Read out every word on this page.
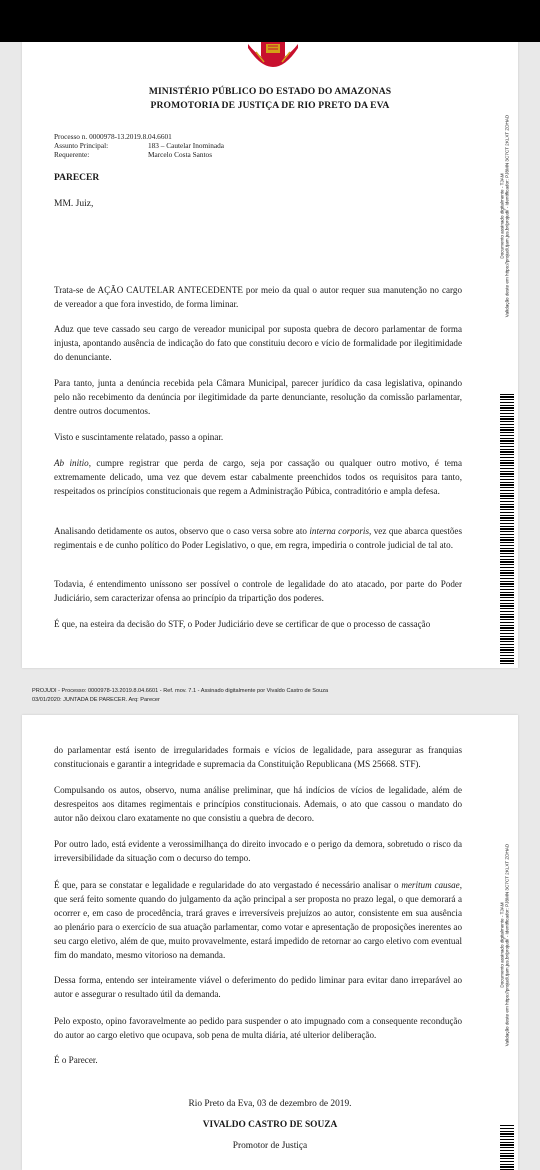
MINISTÉRIO PÚBLICO DO ESTADO DO AMAZONAS
PROMOTORIA DE JUSTIÇA DE RIO PRETO DA EVA
Processo n. 0000978-13.2019.8.04.6601
Assunto Principal:	183 – Cautelar Inominada
Requerente:	Marcelo Costa Santos
PARECER
MM. Juiz,

Trata-se de AÇÃO CAUTELAR ANTECEDENTE por meio da qual o autor requer sua manutenção no cargo de vereador a que fora investido, de forma liminar.

Aduz que teve cassado seu cargo de vereador municipal por suposta quebra de decoro parlamentar de forma injusta, apontando ausência de indicação do fato que constituiu decoro e vício de formalidade por ilegitimidade do denunciante.

Para tanto, junta a denúncia recebida pela Câmara Municipal, parecer jurídico da casa legislativa, opinando pelo não recebimento da denúncia por ilegitimidade da parte denunciante, resolução da comissão parlamentar, dentre outros documentos.

Visto e suscintamente relatado, passo a opinar.

Ab initio, cumpre registrar que perda de cargo, seja por cassação ou qualquer outro motivo, é tema extremamente delicado, uma vez que devem estar cabalmente preenchidos todos os requisitos para tanto, respeitados os princípios constitucionais que regem a Administração Púbica, contraditório e ampla defesa.

Analisando detidamente os autos, observo que o caso versa sobre ato interna corporis, vez que abarca questões regimentais e de cunho político do Poder Legislativo, o que, em regra, impediria o controle judicial de tal ato.

Todavia, é entendimento uníssono ser possível o controle de legalidade do ato atacado, por parte do Poder Judiciário, sem caracterizar ofensa ao princípio da tripartição dos poderes.

É que, na esteira da decisão do STF, o Poder Judiciário deve se certificar de que o processo de cassação

Documento assinado digitalmente - TJAM Validação deste em https://projudi.tjam.jus.br/projudi/ - Identificador: PJ8MN 3C7CT 2KLXT ZDHAD
PROJUDI - Processo: 0000978-13.2019.8.04.6601 - Ref. mov. 7.1 - Assinado digitalmente por Vivaldo Castro de Souza
03/01/2020: JUNTADA DE PARECER. Arq: Parecer

do parlamentar está isento de irregularidades formais e vícios de legalidade, para assegurar as franquias constitucionais e garantir a integridade e supremacia da Constituição Republicana (MS 25668. STF).

Compulsando os autos, observo, numa análise preliminar, que há indícios de vícios de legalidade, além de desrespeitos aos ditames regimentais e princípios constitucionais. Ademais, o ato que cassou o mandato do autor não deixou claro exatamente no que consistiu a quebra de decoro.

Por outro lado, está evidente a verossimilhança do direito invocado e o perigo da demora, sobretudo o risco da irreversibilidade da situação com o decurso do tempo.

É que, para se constatar e legalidade e regularidade do ato vergastado é necessário analisar o meritum causae, que será feito somente quando do julgamento da ação principal a ser proposta no prazo legal, o que demorará a ocorrer e, em caso de procedência, trará graves e irreversíveis prejuízos ao autor, consistente em sua ausência ao plenário para o exercício de sua atuação parlamentar, como votar e apresentação de proposições inerentes ao seu cargo eletivo, além de que, muito provavelmente, estará impedido de retornar ao cargo eletivo com eventual fim do mandato, mesmo vitorioso na demanda.

Dessa forma, entendo ser inteiramente viável o deferimento do pedido liminar para evitar dano irreparável ao autor e assegurar o resultado útil da demanda.

Pelo exposto, opino favoravelmente ao pedido para suspender o ato impugnado com a consequente recondução do autor ao cargo eletivo que ocupava, sob pena de multa diária, até ulterior deliberação.

É o Parecer.

Rio Preto da Eva, 03 de dezembro de 2019.
VIVALDO CASTRO DE SOUZA
Promotor de Justiça
Documento assinado digitalmente - TJAM Validação deste em https://projudi.tjam.jus.br/projudi/ - Identificador: PJ8MN 3C7CT 2KLXT ZDHAD
